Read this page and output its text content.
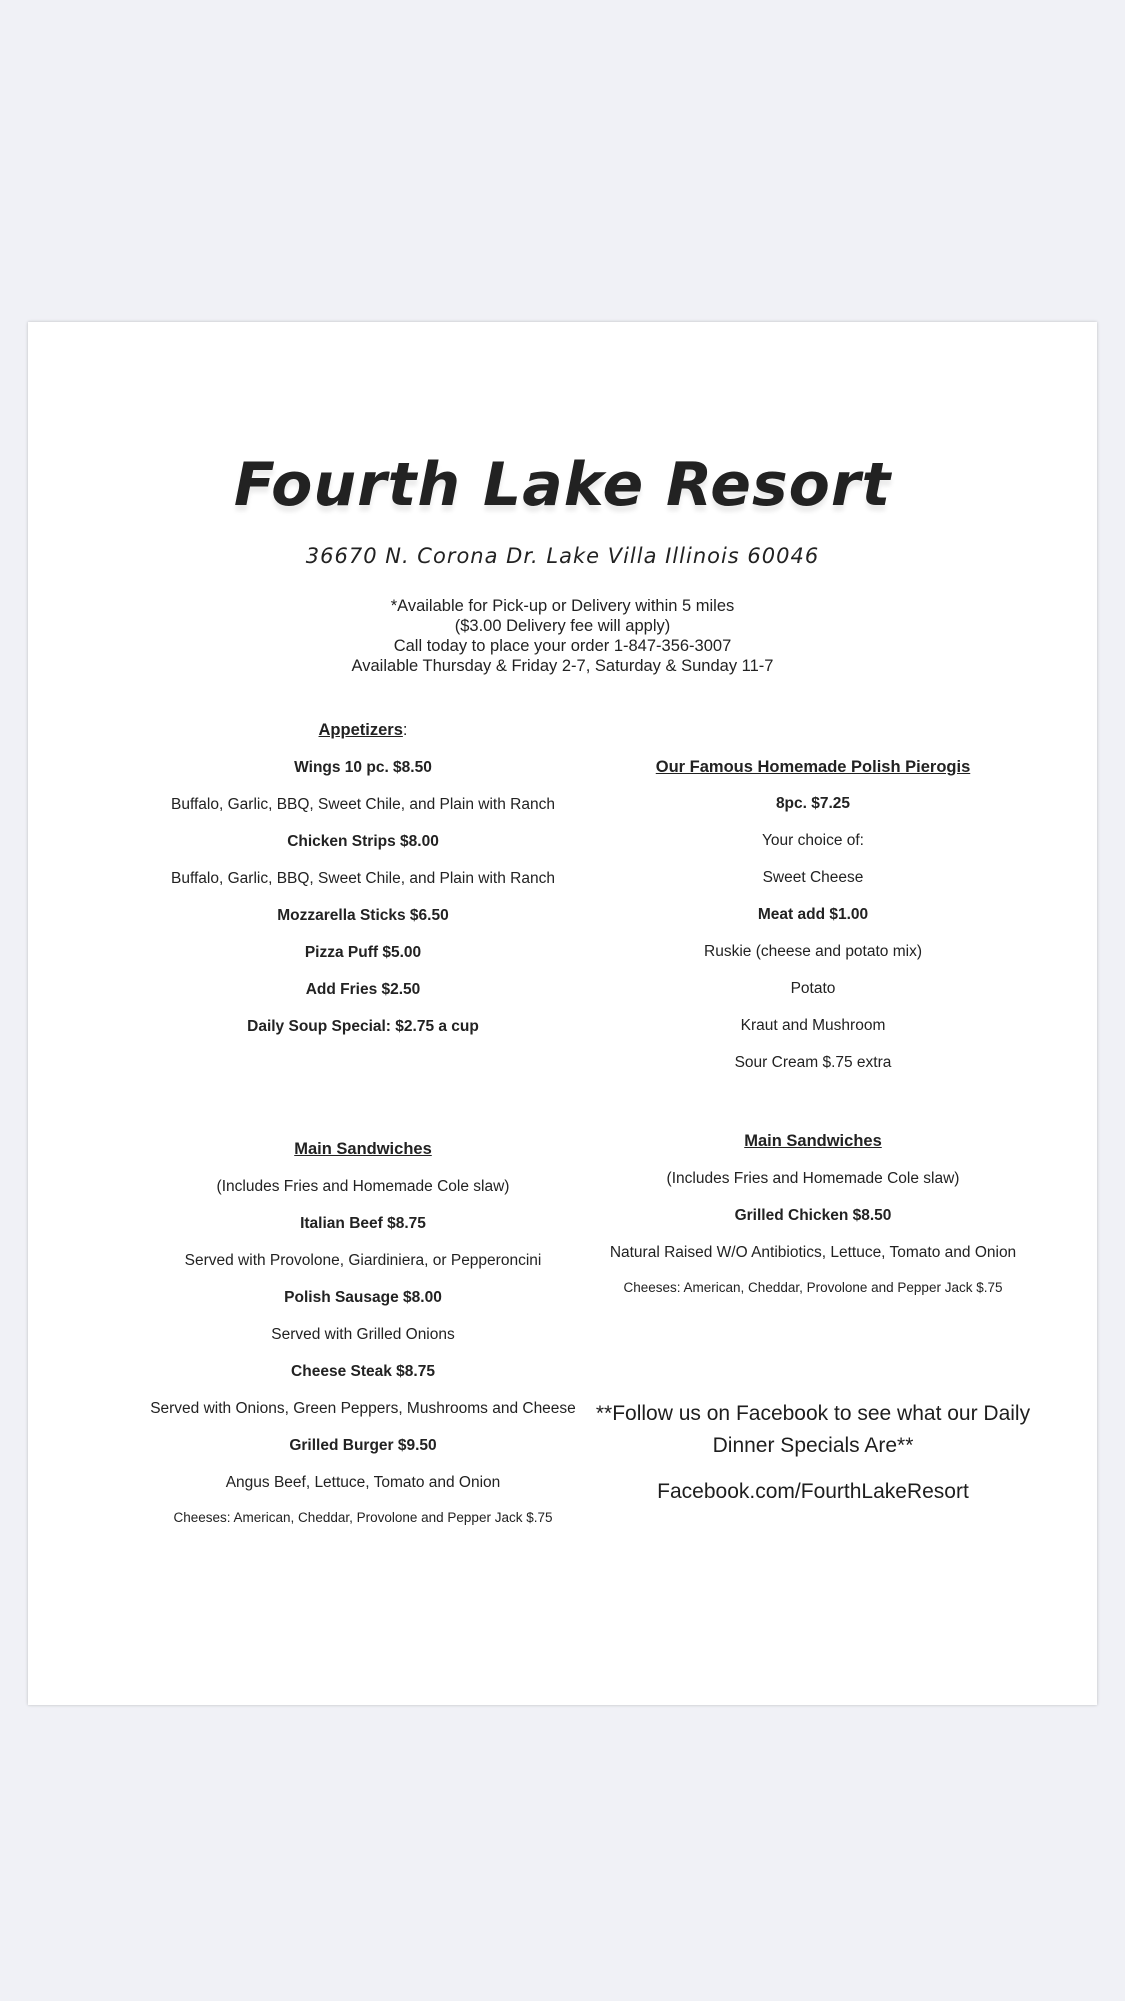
Fourth Lake Resort
36670 N. Corona Dr. Lake Villa Illinois 60046
*Available for Pick-up or Delivery within 5 miles
($3.00 Delivery fee will apply)
Call today to place your order 1-847-356-3007
Available Thursday & Friday 2-7, Saturday & Sunday 11-7

Appetizers:

Wings 10 pc. $8.50

Buffalo, Garlic, BBQ, Sweet Chile, and Plain with Ranch

Chicken Strips $8.00

Buffalo, Garlic, BBQ, Sweet Chile, and Plain with Ranch

Mozzarella Sticks $6.50

Pizza Puff $5.00

Add Fries $2.50

Daily Soup Special: $2.75 a cup

Our Famous Homemade Polish Pierogis

8pc. $7.25

Your choice of:

Sweet Cheese

Meat add $1.00

Ruskie (cheese and potato mix)

Potato

Kraut and Mushroom

Sour Cream $.75 extra

Main Sandwiches

(Includes Fries and Homemade Cole slaw)

Italian Beef $8.75

Served with Provolone, Giardiniera, or Pepperoncini

Polish Sausage $8.00

Served with Grilled Onions

Cheese Steak $8.75

Served with Onions, Green Peppers, Mushrooms and Cheese

Grilled Burger $9.50

Angus Beef, Lettuce, Tomato and Onion

Cheeses: American, Cheddar, Provolone and Pepper Jack $.75

Main Sandwiches

(Includes Fries and Homemade Cole slaw)

Grilled Chicken $8.50

Natural Raised W/O Antibiotics, Lettuce, Tomato and Onion

Cheeses: American, Cheddar, Provolone and Pepper Jack $.75

**Follow us on Facebook to see what our Daily Dinner Specials Are**
Facebook.com/FourthLakeResort
